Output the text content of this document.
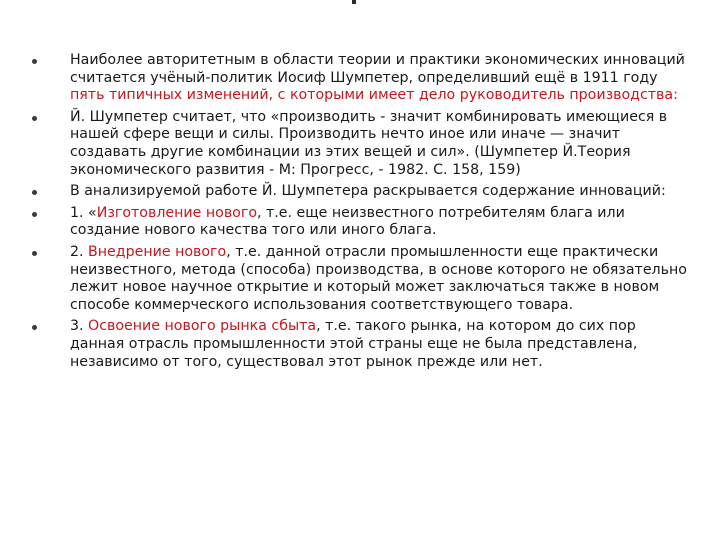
Наиболее авторитетным в области теории и практики экономических инноваций считается учёный-политик Иосиф Шумпетер, определивший ещё в 1911 году пять типичных изменений, с которыми имеет дело руководитель производства:
Й. Шумпетер считает, что «производить - значит комбинировать имеющиеся в нашей сфере вещи и силы. Производить нечто иное или иначе — значит создавать другие комбинации из этих вещей и сил». (Шумпетер Й.Теория экономического развития - М: Прогресс, - 1982. С. 158, 159)
В анализируемой работе Й. Шумпетера раскрывается содержание инноваций:
1. «Изготовление нового, т.е. еще неизвестного потребителям блага или создание нового качества того или иного блага.
2. Внедрение нового, т.е. данной отрасли промышленности еще практически неизвестного, метода (способа) производства, в основе которого не обязательно лежит новое научное открытие и который может заключаться также в новом способе коммерческого использования соответствующего товара.
3. Освоение нового рынка сбыта, т.е. такого рынка, на котором до сих пор данная отрасль промышленности этой страны еще не была представлена, независимо от того, существовал этот рынок прежде или нет.
